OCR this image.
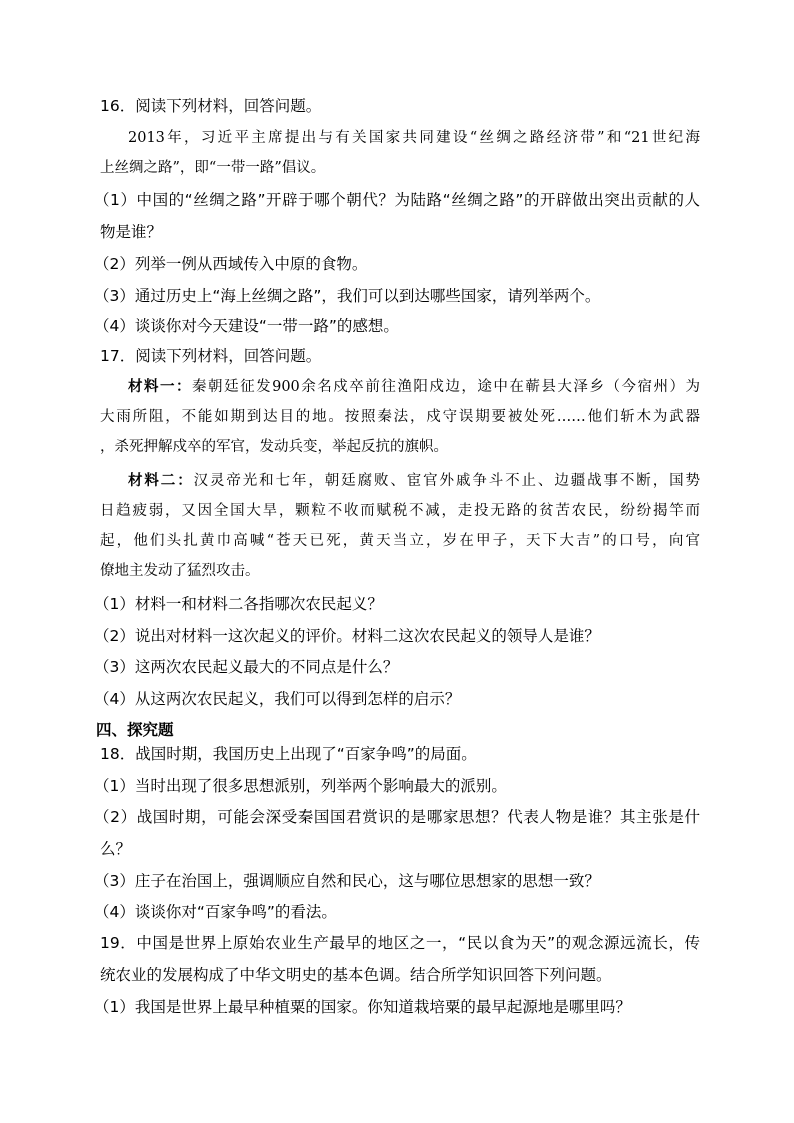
16．阅读下列材料，回答问题。
2013年，习近平主席提出与有关国家共同建设“丝绸之路经济带”和“21世纪海
上丝绸之路”，即“一带一路”倡议。
（1）中国的“丝绸之路”开辟于哪个朝代？为陆路“丝绸之路”的开辟做出突出贡献的人
物是谁？
（2）列举一例从西域传入中原的食物。
（3）通过历史上“海上丝绸之路”，我们可以到达哪些国家，请列举两个。
（4）谈谈你对今天建设“一带一路”的感想。
17．阅读下列材料，回答问题。
材料一：秦朝廷征发900余名戍卒前往渔阳戍边，途中在蕲县大泽乡（今宿州）为
大雨所阻，不能如期到达目的地。按照秦法，戍守误期要被处死……他们斩木为武器
，杀死押解戍卒的军官，发动兵变，举起反抗的旗帜。
材料二：汉灵帝光和七年，朝廷腐败、宦官外戚争斗不止、边疆战事不断，国势
日趋疲弱，又因全国大旱，颗粒不收而赋税不减，走投无路的贫苦农民，纷纷揭竿而
起，他们头扎黄巾高喊“苍天已死，黄天当立，岁在甲子，天下大吉”的口号，向官
僚地主发动了猛烈攻击。
（1）材料一和材料二各指哪次农民起义？
（2）说出对材料一这次起义的评价。材料二这次农民起义的领导人是谁？
（3）这两次农民起义最大的不同点是什么？
（4）从这两次农民起义，我们可以得到怎样的启示？
四、探究题
18．战国时期，我国历史上出现了“百家争鸣”的局面。
（1）当时出现了很多思想派别，列举两个影响最大的派别。
（2）战国时期，可能会深受秦国国君赏识的是哪家思想？代表人物是谁？其主张是什
么？
（3）庄子在治国上，强调顺应自然和民心，这与哪位思想家的思想一致？
（4）谈谈你对“百家争鸣”的看法。
19．中国是世界上原始农业生产最早的地区之一，“民以食为天”的观念源远流长，传
统农业的发展构成了中华文明史的基本色调。结合所学知识回答下列问题。
（1）我国是世界上最早种植粟的国家。你知道栽培粟的最早起源地是哪里吗？
